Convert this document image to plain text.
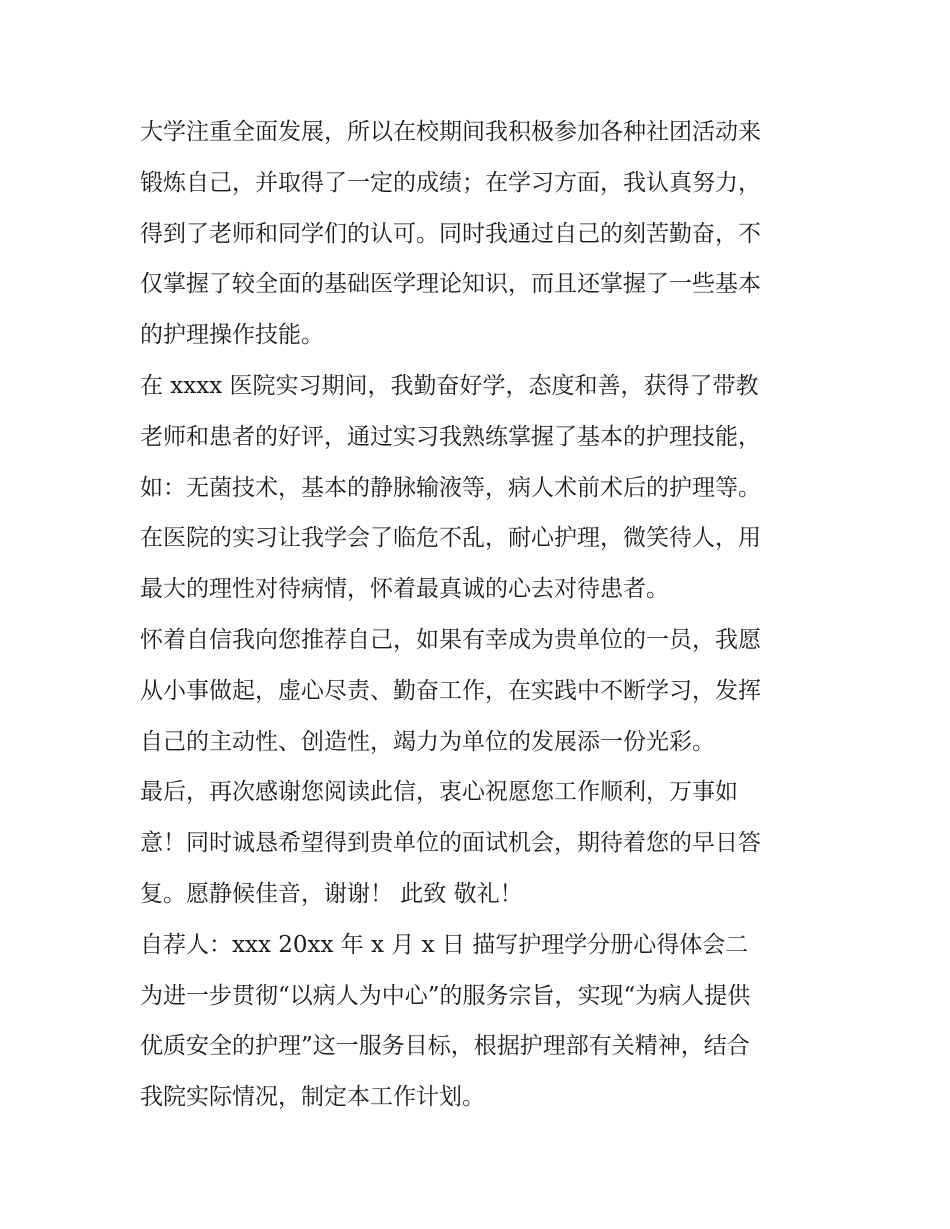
大学注重全面发展，所以在校期间我积极参加各种社团活动来
锻炼自己，并取得了一定的成绩；在学习方面，我认真努力，
得到了老师和同学们的认可。同时我通过自己的刻苦勤奋，不
仅掌握了较全面的基础医学理论知识，而且还掌握了一些基本
的护理操作技能。
在 xxxx 医院实习期间，我勤奋好学，态度和善，获得了带教
老师和患者的好评，通过实习我熟练掌握了基本的护理技能，
如：无菌技术，基本的静脉输液等，病人术前术后的护理等。
在医院的实习让我学会了临危不乱，耐心护理，微笑待人，用
最大的理性对待病情，怀着最真诚的心去对待患者。
怀着自信我向您推荐自己，如果有幸成为贵单位的一员，我愿
从小事做起，虚心尽责、勤奋工作，在实践中不断学习，发挥
自己的主动性、创造性，竭力为单位的发展添一份光彩。
最后，再次感谢您阅读此信，衷心祝愿您工作顺利，万事如
意！同时诚恳希望得到贵单位的面试机会，期待着您的早日答
复。愿静候佳音，谢谢！ 此致 敬礼！
自荐人：xxx 20xx 年 x 月 x 日 描写护理学分册心得体会二
为进一步贯彻“以病人为中心”的服务宗旨，实现“为病人提供
优质安全的护理”这一服务目标，根据护理部有关精神，结合
我院实际情况，制定本工作计划。
